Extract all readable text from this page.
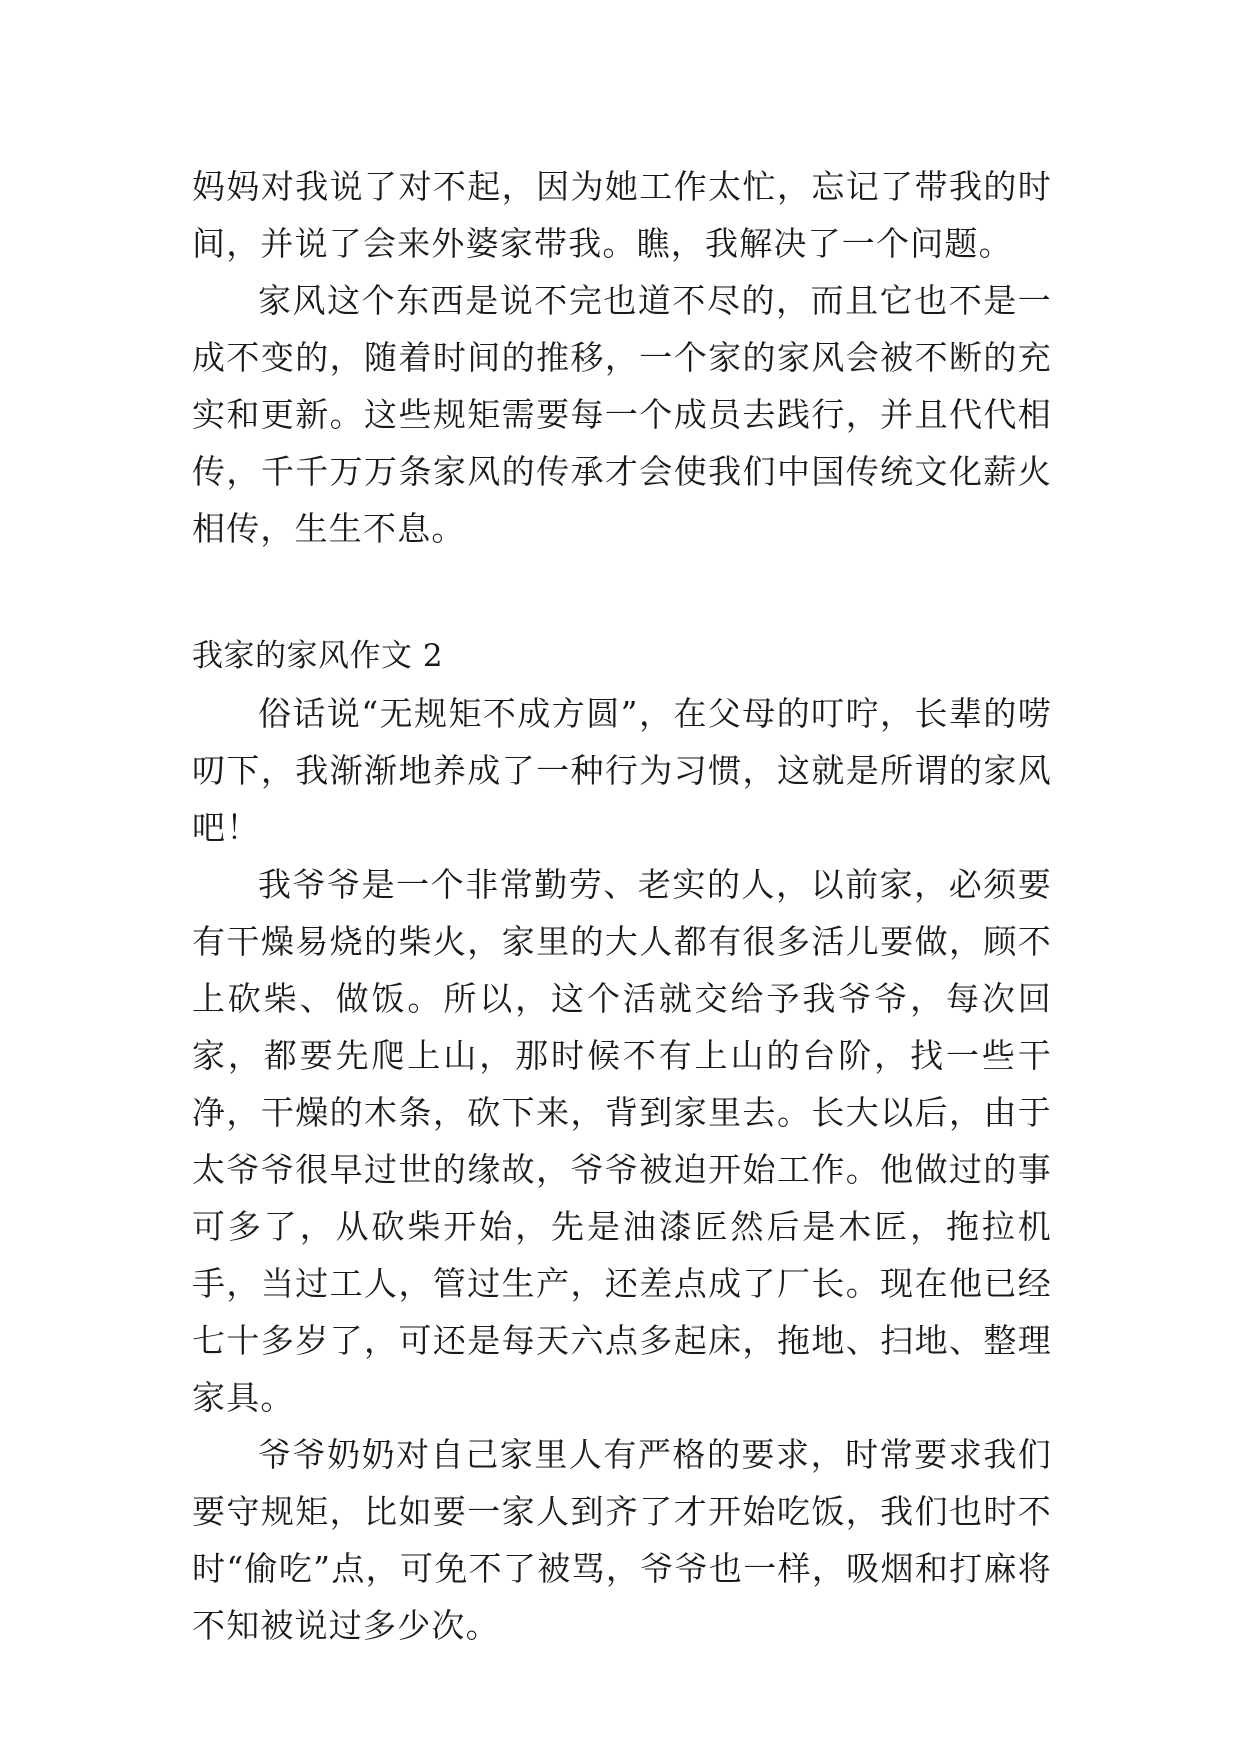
妈妈对我说了对不起，因为她工作太忙，忘记了带我的时间，并说了会来外婆家带我。瞧，我解决了一个问题。

家风这个东西是说不完也道不尽的，而且它也不是一成不变的，随着时间的推移，一个家的家风会被不断的充实和更新。这些规矩需要每一个成员去践行，并且代代相传，千千万万条家风的传承才会使我们中国传统文化薪火相传，生生不息。

我家的家风作文 2

俗话说“无规矩不成方圆”，在父母的叮咛，长辈的唠叨下，我渐渐地养成了一种行为习惯，这就是所谓的家风吧！

我爷爷是一个非常勤劳、老实的人，以前家，必须要有干燥易烧的柴火，家里的大人都有很多活儿要做，顾不上砍柴、做饭。所以，这个活就交给予我爷爷，每次回家，都要先爬上山，那时候不有上山的台阶，找一些干净，干燥的木条，砍下来，背到家里去。长大以后，由于太爷爷很早过世的缘故，爷爷被迫开始工作。他做过的事可多了，从砍柴开始，先是油漆匠然后是木匠，拖拉机手，当过工人，管过生产，还差点成了厂长。现在他已经七十多岁了，可还是每天六点多起床，拖地、扫地、整理家具。

爷爷奶奶对自己家里人有严格的要求，时常要求我们要守规矩，比如要一家人到齐了才开始吃饭，我们也时不时“偷吃”点，可免不了被骂，爷爷也一样，吸烟和打麻将不知被说过多少次。
